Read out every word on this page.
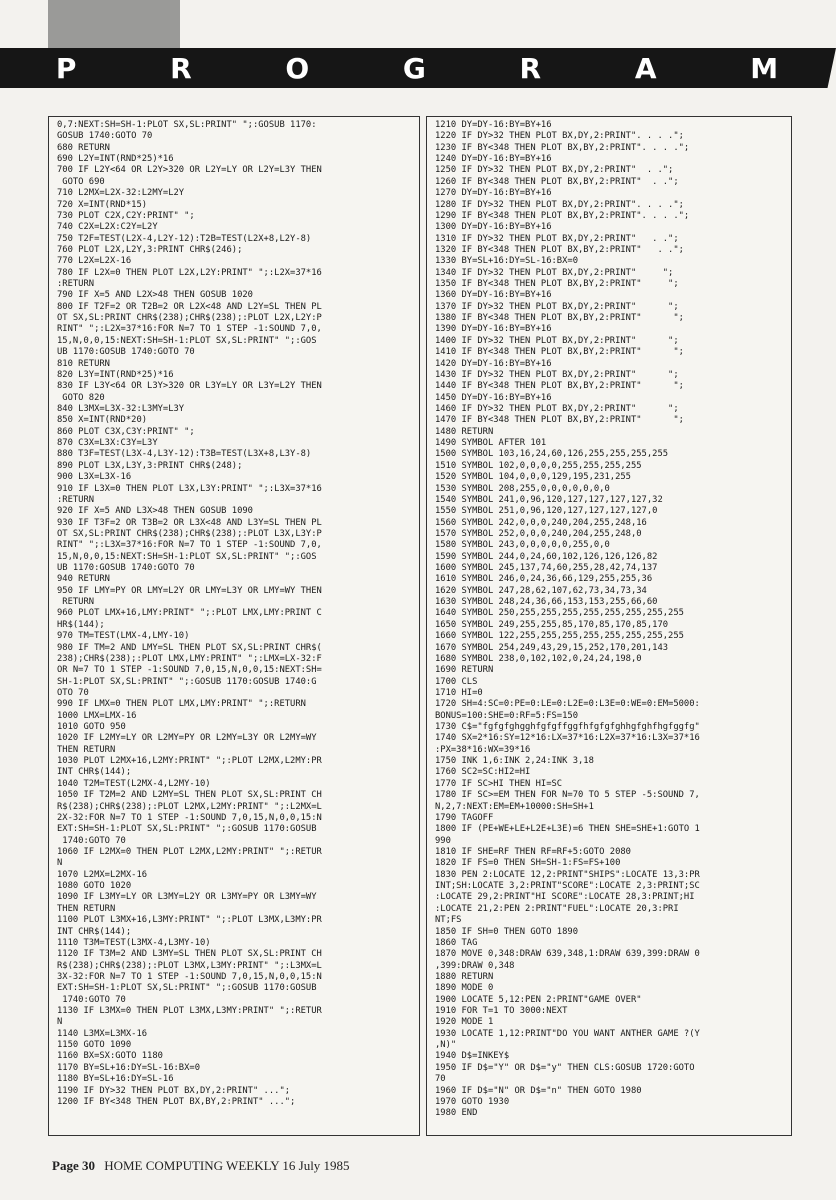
P	R	O	G	R	A	M
0,7:NEXT:SH=SH-1:PLOT SX,SL:PRINT" ";:GOSUB 1170:
GOSUB 1740:GOTO 70
680 RETURN
690 L2Y=INT(RND*25)*16
700 IF L2Y<64 OR L2Y>320 OR L2Y=LY OR L2Y=L3Y THEN
GOTO 690
710 L2MX=L2X-32:L2MY=L2Y
720 X=INT(RND*15)
730 PLOT C2X,C2Y:PRINT" ";
740 C2X=L2X:C2Y=L2Y
750 T2F=TEST(L2X-4,L2Y-12):T2B=TEST(L2X+8,L2Y-8)
760 PLOT L2X,L2Y,3:PRINT CHR$(246);
770 L2X=L2X-16
780 IF L2X=0 THEN PLOT L2X,L2Y:PRINT" ";:L2X=37*16
:RETURN
790 IF X=5 AND L2X>48 THEN GOSUB 1020
800 IF T2F=2 OR T2B=2 OR L2X<48 AND L2Y=SL THEN PL
OT SX,SL:PRINT CHR$(238);CHR$(238);:PLOT L2X,L2Y:P
RINT" ";:L2X=37*16:FOR N=7 TO 1 STEP -1:SOUND 7,0,
15,N,0,0,15:NEXT:SH=SH-1:PLOT SX,SL:PRINT" ";:GOS
UB 1170:GOSUB 1740:GOTO 70
810 RETURN
820 L3Y=INT(RND*25)*16
830 IF L3Y<64 OR L3Y>320 OR L3Y=LY OR L3Y=L2Y THEN
GOTO 820
840 L3MX=L3X-32:L3MY=L3Y
850 X=INT(RND*20)
860 PLOT C3X,C3Y:PRINT" ";
870 C3X=L3X:C3Y=L3Y
880 T3F=TEST(L3X-4,L3Y-12):T3B=TEST(L3X+8,L3Y-8)
890 PLOT L3X,L3Y,3:PRINT CHR$(248);
900 L3X=L3X-16
910 IF L3X=0 THEN PLOT L3X,L3Y:PRINT" ";:L3X=37*16
:RETURN
920 IF X=5 AND L3X>48 THEN GOSUB 1090
930 IF T3F=2 OR T3B=2 OR L3X<48 AND L3Y=SL THEN PL
OT SX,SL:PRINT CHR$(238);CHR$(238);:PLOT L3X,L3Y:P
RINT" ";:L3X=37*16:FOR N=7 TO 1 STEP -1:SOUND 7,0,
15,N,0,0,15:NEXT:SH=SH-1:PLOT SX,SL:PRINT" ";:GOS
UB 1170:GOSUB 1740:GOTO 70
940 RETURN
950 IF LMY=PY OR LMY=L2Y OR LMY=L3Y OR LMY=WY THEN
RETURN
960 PLOT LMX+16,LMY:PRINT" ";:PLOT LMX,LMY:PRINT C
HR$(144);
970 TM=TEST(LMX-4,LMY-10)
980 IF TM=2 AND LMY=SL THEN PLOT SX,SL:PRINT CHR$(
238);CHR$(238);:PLOT LMX,LMY:PRINT" ";:LMX=LX-32:F
OR N=7 TO 1 STEP -1:SOUND 7,0,15,N,0,0,15:NEXT:SH=
SH-1:PLOT SX,SL:PRINT" ";:GOSUB 1170:GOSUB 1740:G
OTO 70
990 IF LMX=0 THEN PLOT LMX,LMY:PRINT" ";:RETURN
1000 LMX=LMX-16
1010 GOTO 950
1020 IF L2MY=LY OR L2MY=PY OR L2MY=L3Y OR L2MY=WY
THEN RETURN
1030 PLOT L2MX+16,L2MY:PRINT" ";:PLOT L2MX,L2MY:PR
INT CHR$(144);
1040 T2M=TEST(L2MX-4,L2MY-10)
1050 IF T2M=2 AND L2MY=SL THEN PLOT SX,SL:PRINT CH
R$(238);CHR$(238);:PLOT L2MX,L2MY:PRINT" ";:L2MX=L
2X-32:FOR N=7 TO 1 STEP -1:SOUND 7,0,15,N,0,0,15:N
EXT:SH=SH-1:PLOT SX,SL:PRINT" ";:GOSUB 1170:GOSUB
1740:GOTO 70
1060 IF L2MX=0 THEN PLOT L2MX,L2MY:PRINT" ";:RETUR
N
1070 L2MX=L2MX-16
1080 GOTO 1020
1090 IF L3MY=LY OR L3MY=L2Y OR L3MY=PY OR L3MY=WY
THEN RETURN
1100 PLOT L3MX+16,L3MY:PRINT" ";:PLOT L3MX,L3MY:PR
INT CHR$(144);
1110 T3M=TEST(L3MX-4,L3MY-10)
1120 IF T3M=2 AND L3MY=SL THEN PLOT SX,SL:PRINT CH
R$(238);CHR$(238);:PLOT L3MX,L3MY:PRINT" ";:L3MX=L
3X-32:FOR N=7 TO 1 STEP -1:SOUND 7,0,15,N,0,0,15:N
EXT:SH=SH-1:PLOT SX,SL:PRINT" ";:GOSUB 1170:GOSUB
1740:GOTO 70
1130 IF L3MX=0 THEN PLOT L3MX,L3MY:PRINT" ";:RETUR
N
1140 L3MX=L3MX-16
1150 GOTO 1090
1160 BX=SX:GOTO 1180
1170 BY=SL+16:DY=SL-16:BX=0
1180 BY=SL+16:DY=SL-16
1190 IF DY>32 THEN PLOT BX,DY,2:PRINT" ...";
1200 IF BY<348 THEN PLOT BX,BY,2:PRINT" ...";
1210 DY=DY-16:BY=BY+16
1220 IF DY>32 THEN PLOT BX,DY,2:PRINT". . . .";
1230 IF BY<348 THEN PLOT BX,BY,2:PRINT". . . .";
1240 DY=DY-16:BY=BY+16
1250 IF DY>32 THEN PLOT BX,DY,2:PRINT"  . .";
1260 IF BY<348 THEN PLOT BX,BY,2:PRINT"  . .";
1270 DY=DY-16:BY=BY+16
1280 IF DY>32 THEN PLOT BX,DY,2:PRINT". . . .";
1290 IF BY<348 THEN PLOT BX,BY,2:PRINT". . . .";
1300 DY=DY-16:BY=BY+16
1310 IF DY>32 THEN PLOT BX,DY,2:PRINT"   . .";
1320 IF BY<348 THEN PLOT BX,BY,2:PRINT"   . .";
1330 BY=SL+16:DY=SL-16:BX=0
1340 IF DY>32 THEN PLOT BX,DY,2:PRINT"     ";
1350 IF BY<348 THEN PLOT BX,BY,2:PRINT"     ";
1360 DY=DY-16:BY=BY+16
1370 IF DY>32 THEN PLOT BX,DY,2:PRINT"      ";
1380 IF BY<348 THEN PLOT BX,BY,2:PRINT"      ";
1390 DY=DY-16:BY=BY+16
1400 IF DY>32 THEN PLOT BX,DY,2:PRINT"      ";
1410 IF BY<348 THEN PLOT BX,BY,2:PRINT"      ";
1420 DY=DY-16:BY=BY+16
1430 IF DY>32 THEN PLOT BX,DY,2:PRINT"      ";
1440 IF BY<348 THEN PLOT BX,BY,2:PRINT"      ";
1450 DY=DY-16:BY=BY+16
1460 IF DY>32 THEN PLOT BX,DY,2:PRINT"      ";
1470 IF BY<348 THEN PLOT BX,BY,2:PRINT"      ";
1480 RETURN
1490 SYMBOL AFTER 101
1500 SYMBOL 103,16,24,60,126,255,255,255,255
1510 SYMBOL 102,0,0,0,0,255,255,255,255
1520 SYMBOL 104,0,0,0,129,195,231,255
1530 SYMBOL 208,255,0,0,0,0,0,0,0
1540 SYMBOL 241,0,96,120,127,127,127,127,32
1550 SYMBOL 251,0,96,120,127,127,127,127,0
1560 SYMBOL 242,0,0,0,240,204,255,248,16
1570 SYMBOL 252,0,0,0,240,204,255,248,0
1580 SYMBOL 243,0,0,0,0,0,255,0,0
1590 SYMBOL 244,0,24,60,102,126,126,126,82
1600 SYMBOL 245,137,74,60,255,28,42,74,137
1610 SYMBOL 246,0,24,36,66,129,255,255,36
1620 SYMBOL 247,28,62,107,62,73,34,73,34
1630 SYMBOL 248,24,36,66,153,153,255,66,60
1640 SYMBOL 250,255,255,255,255,255,255,255,255
1650 SYMBOL 249,255,255,85,170,85,170,85,170
1660 SYMBOL 122,255,255,255,255,255,255,255,255
1670 SYMBOL 254,249,43,29,15,252,170,201,143
1680 SYMBOL 238,0,102,102,0,24,24,198,0
1690 RETURN
1700 CLS
1710 HI=0
1720 SH=4:SC=0:PE=0:LE=0:L2E=0:L3E=0:WE=0:EM=5000:
BONUS=100:SHE=0:RF=5:FS=150
1730 C$="fgfgfghgghfgfgffggfhfgfgfghhgfghfhgfggfg"
1740 SX=2*16:SY=12*16:LX=37*16:L2X=37*16:L3X=37*16
:PX=38*16:WX=39*16
1750 INK 1,6:INK 2,24:INK 3,18
1760 SC2=SC:HI2=HI
1770 IF SC>HI THEN HI=SC
1780 IF SC>=EM THEN FOR N=70 TO 5 STEP -5:SOUND 7,
N,2,7:NEXT:EM=EM+10000:SH=SH+1
1790 TAGOFF
1800 IF (PE+WE+LE+L2E+L3E)=6 THEN SHE=SHE+1:GOTO 1
990
1810 IF SHE=RF THEN RF=RF+5:GOTO 2080
1820 IF FS=0 THEN SH=SH-1:FS=FS+100
1830 PEN 2:LOCATE 12,2:PRINT"SHIPS":LOCATE 13,3:PR
INT;SH:LOCATE 3,2:PRINT"SCORE":LOCATE 2,3:PRINT;SC
:LOCATE 29,2:PRINT"HI SCORE":LOCATE 28,3:PRINT;HI
:LOCATE 21,2:PEN 2:PRINT"FUEL":LOCATE 20,3:PRI
NT;FS
1850 IF SH=0 THEN GOTO 1890
1860 TAG
1870 MOVE 0,348:DRAW 639,348,1:DRAW 639,399:DRAW 0
,399:DRAW 0,348
1880 RETURN
1890 MODE 0
1900 LOCATE 5,12:PEN 2:PRINT"GAME OVER"
1910 FOR T=1 TO 3000:NEXT
1920 MODE 1
1930 LOCATE 1,12:PRINT"DO YOU WANT ANTHER GAME ?(Y
,N)"
1940 D$=INKEY$
1950 IF D$="Y" OR D$="y" THEN CLS:GOSUB 1720:GOTO
70
1960 IF D$="N" OR D$="n" THEN GOTO 1980
1970 GOTO 1930
1980 END
Page 30 HOME COMPUTING WEEKLY 16 July 1985
